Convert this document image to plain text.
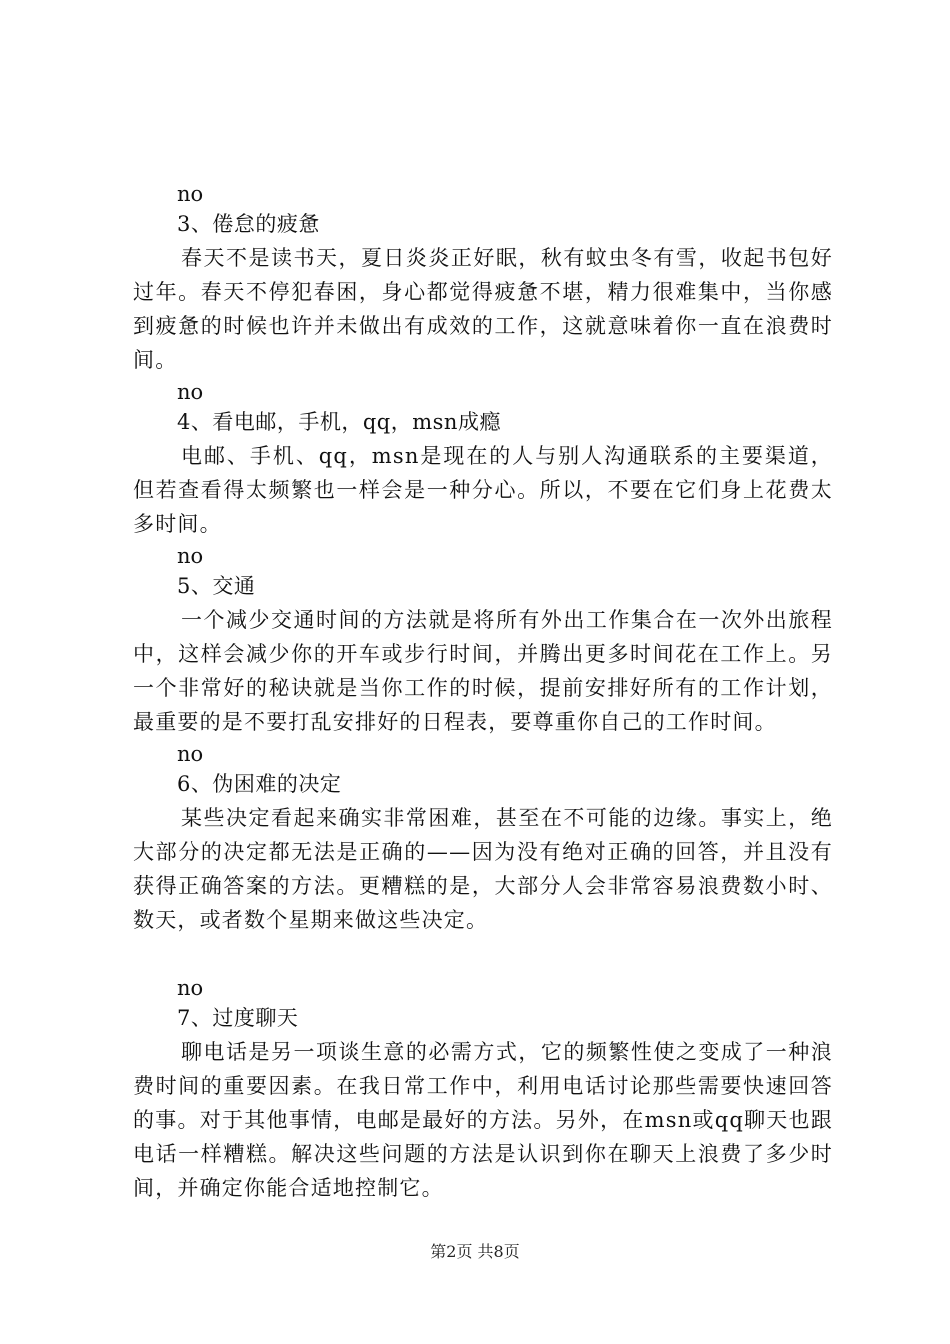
no

3、倦怠的疲惫

春天不是读书天，夏日炎炎正好眠，秋有蚊虫冬有雪，收起书包好过年。春天不停犯春困，身心都觉得疲惫不堪，精力很难集中，当你感到疲惫的时候也许并未做出有成效的工作，这就意味着你一直在浪费时间。

no

4、看电邮，手机，qq，msn成瘾

电邮、手机、qq，msn是现在的人与别人沟通联系的主要渠道，但若查看得太频繁也一样会是一种分心。所以，不要在它们身上花费太多时间。

no

5、交通

一个减少交通时间的方法就是将所有外出工作集合在一次外出旅程中，这样会减少你的开车或步行时间，并腾出更多时间花在工作上。另一个非常好的秘诀就是当你工作的时候，提前安排好所有的工作计划，最重要的是不要打乱安排好的日程表，要尊重你自己的工作时间。

no

6、伪困难的决定

某些决定看起来确实非常困难，甚至在不可能的边缘。事实上，绝大部分的决定都无法是正确的——因为没有绝对正确的回答，并且没有获得正确答案的方法。更糟糕的是，大部分人会非常容易浪费数小时、数天，或者数个星期来做这些决定。

no

7、过度聊天

聊电话是另一项谈生意的必需方式，它的频繁性使之变成了一种浪费时间的重要因素。在我日常工作中，利用电话讨论那些需要快速回答的事。对于其他事情，电邮是最好的方法。另外，在msn或qq聊天也跟电话一样糟糕。解决这些问题的方法是认识到你在聊天上浪费了多少时间，并确定你能合适地控制它。

第2页 共8页
